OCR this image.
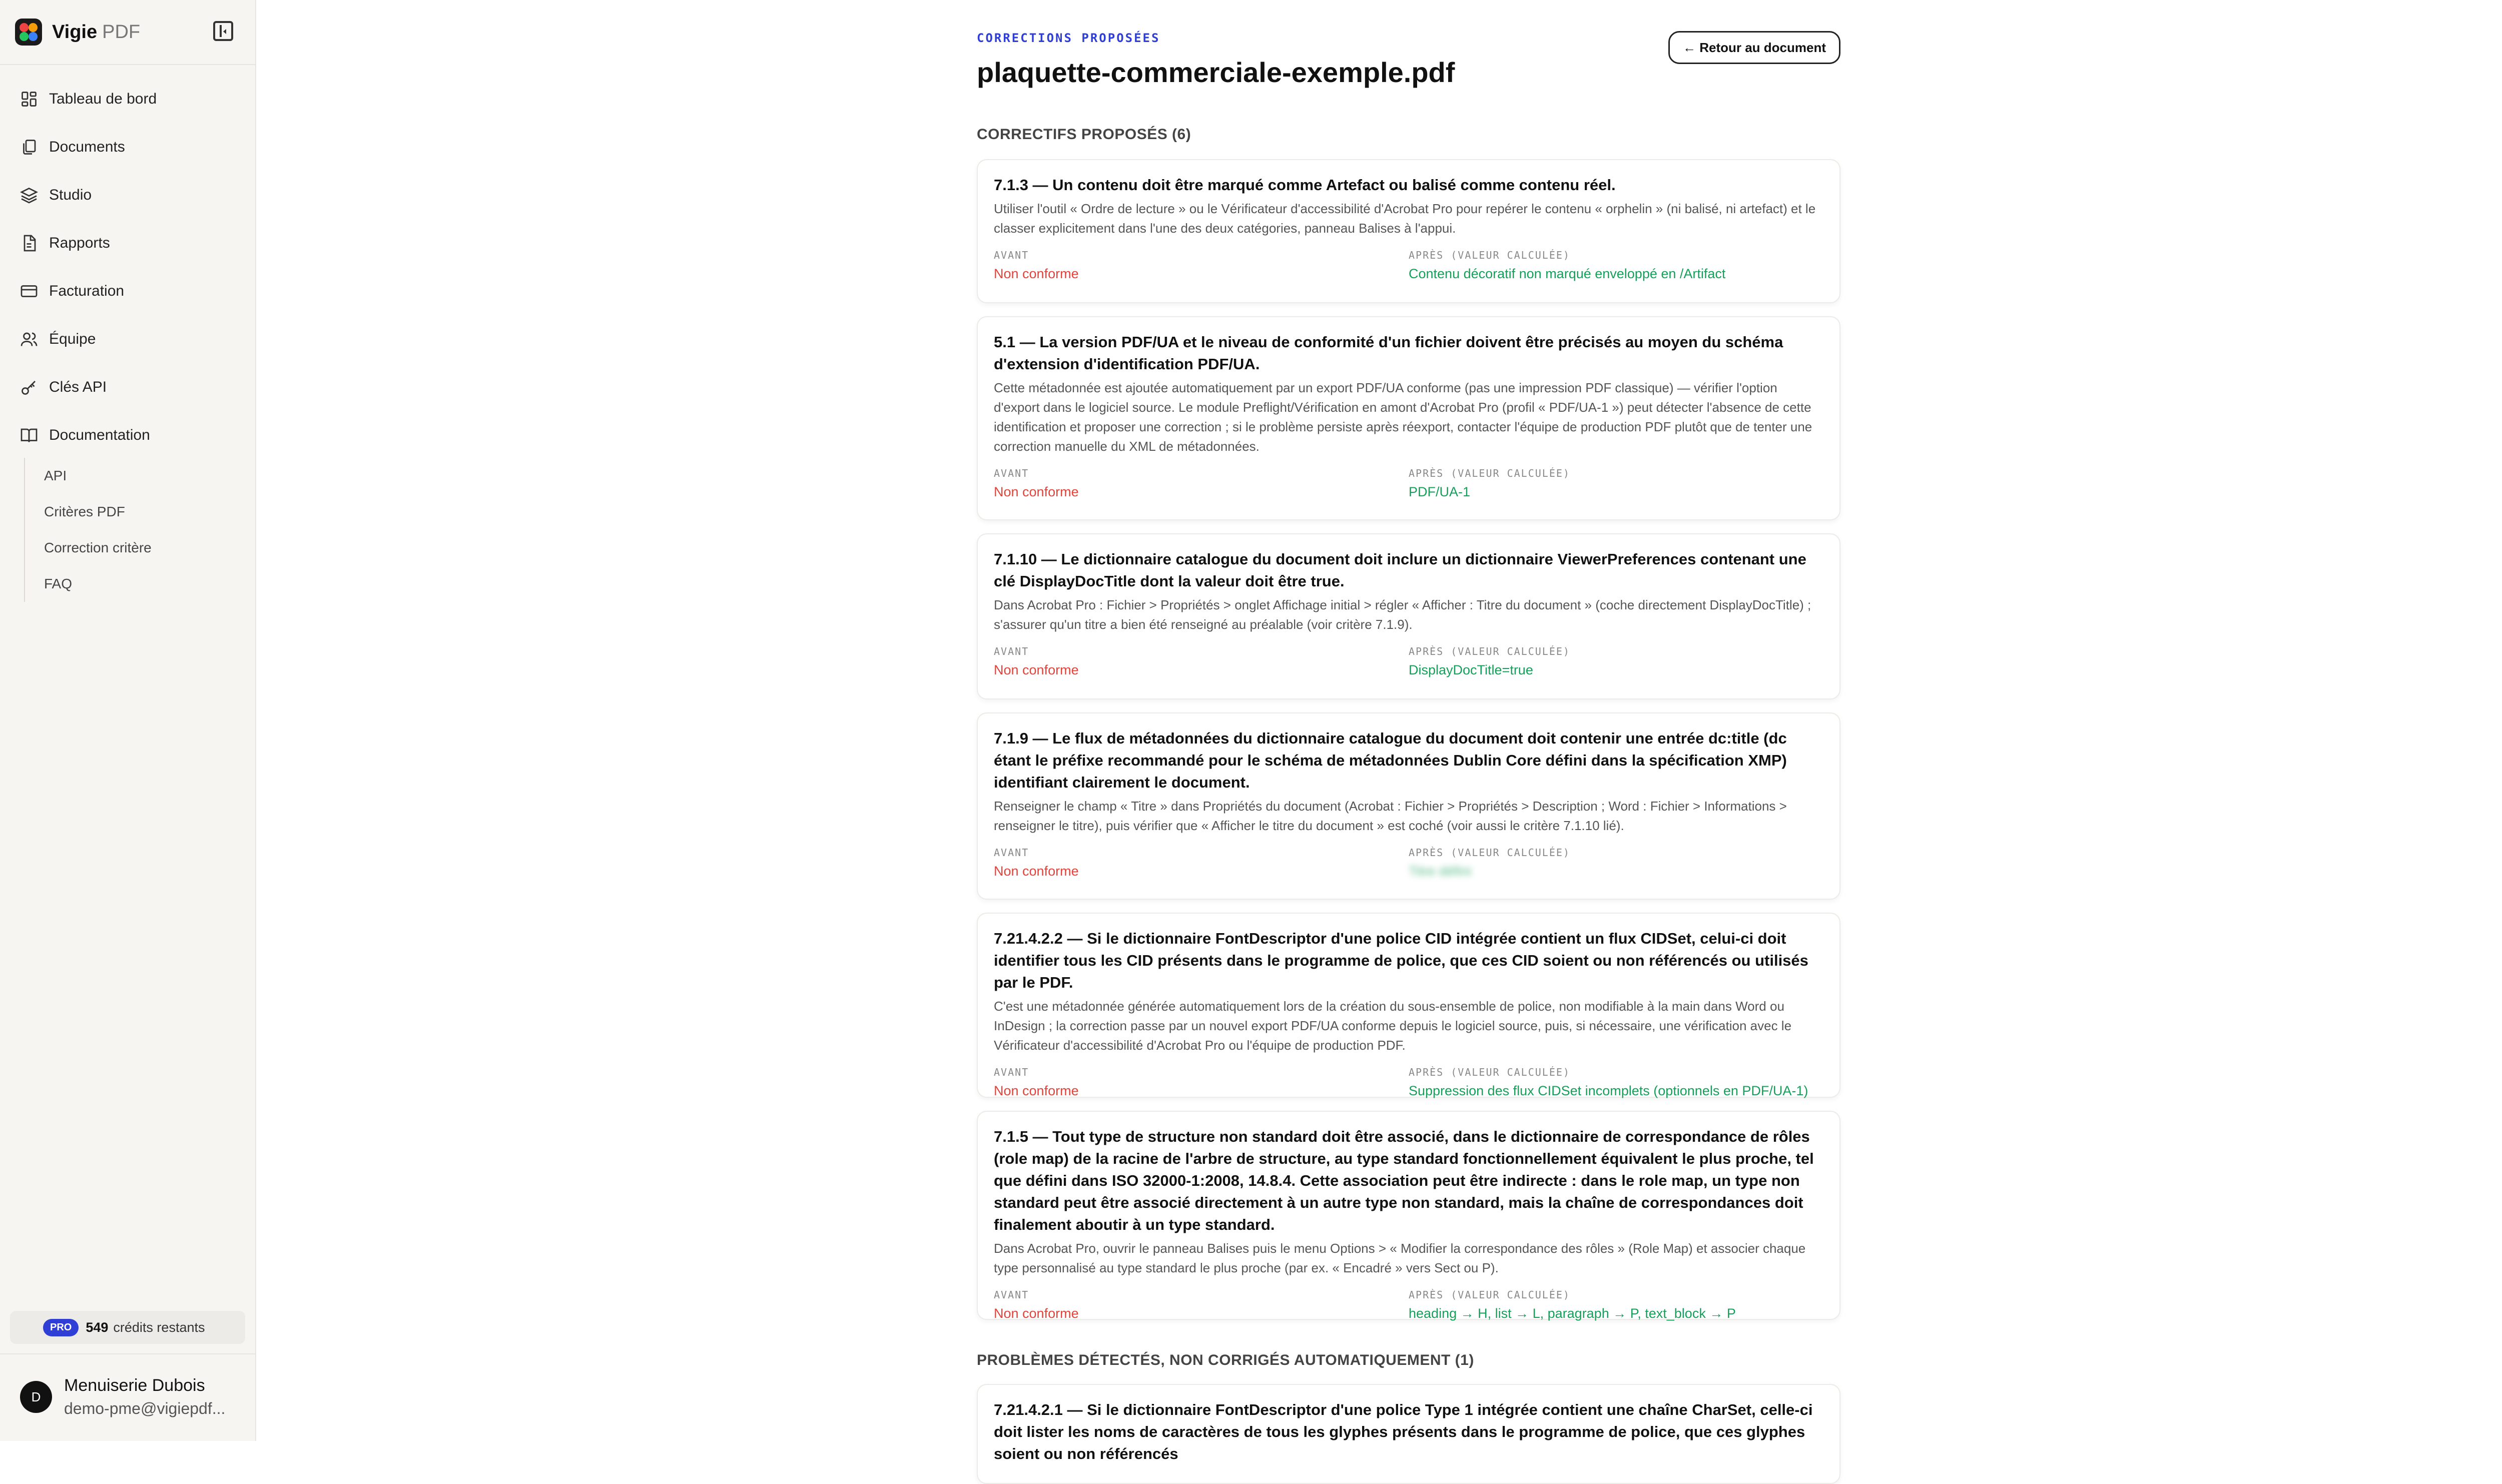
Vigie PDF
Tableau de bord
Documents
Studio
Rapports
Facturation
Équipe
Clés API
Documentation
API
Critères PDF
Correction critère
FAQ
PRO	549 crédits restants
D
Menuiserie Dubois
demo-pme@vigiepdf...
CORRECTIONS PROPOSÉES
plaquette-commerciale-exemple.pdf
← Retour au document
CORRECTIFS PROPOSÉS (6)
7.1.3 — Un contenu doit être marqué comme Artefact ou balisé comme contenu réel.
Utiliser l'outil « Ordre de lecture » ou le Vérificateur d'accessibilité d'Acrobat Pro pour repérer le contenu « orphelin » (ni balisé, ni artefact) et le classer explicitement dans l'une des deux catégories, panneau Balises à l'appui.
AVANT
Non conforme
APRÈS (VALEUR CALCULÉE)
Contenu décoratif non marqué enveloppé en /Artifact
5.1 — La version PDF/UA et le niveau de conformité d'un fichier doivent être précisés au moyen du schéma d'extension d'identification PDF/UA.
Cette métadonnée est ajoutée automatiquement par un export PDF/UA conforme (pas une impression PDF classique) — vérifier l'option d'export dans le logiciel source. Le module Preflight/Vérification en amont d'Acrobat Pro (profil « PDF/UA-1 ») peut détecter l'absence de cette identification et proposer une correction ; si le problème persiste après réexport, contacter l'équipe de production PDF plutôt que de tenter une correction manuelle du XML de métadonnées.
AVANT
Non conforme
APRÈS (VALEUR CALCULÉE)
PDF/UA-1
7.1.10 — Le dictionnaire catalogue du document doit inclure un dictionnaire ViewerPreferences contenant une clé DisplayDocTitle dont la valeur doit être true.
Dans Acrobat Pro : Fichier > Propriétés > onglet Affichage initial > régler « Afficher : Titre du document » (coche directement DisplayDocTitle) ; s'assurer qu'un titre a bien été renseigné au préalable (voir critère 7.1.9).
AVANT
Non conforme
APRÈS (VALEUR CALCULÉE)
DisplayDocTitle=true
7.1.9 — Le flux de métadonnées du dictionnaire catalogue du document doit contenir une entrée dc:title (dc étant le préfixe recommandé pour le schéma de métadonnées Dublin Core défini dans la spécification XMP) identifiant clairement le document.
Renseigner le champ « Titre » dans Propriétés du document (Acrobat : Fichier > Propriétés > Description ; Word : Fichier > Informations > renseigner le titre), puis vérifier que « Afficher le titre du document » est coché (voir aussi le critère 7.1.10 lié).
AVANT
Non conforme
APRÈS (VALEUR CALCULÉE)
Titre défini
7.21.4.2.2 — Si le dictionnaire FontDescriptor d'une police CID intégrée contient un flux CIDSet, celui-ci doit identifier tous les CID présents dans le programme de police, que ces CID soient ou non référencés ou utilisés par le PDF.
C'est une métadonnée générée automatiquement lors de la création du sous-ensemble de police, non modifiable à la main dans Word ou InDesign ; la correction passe par un nouvel export PDF/UA conforme depuis le logiciel source, puis, si nécessaire, une vérification avec le Vérificateur d'accessibilité d'Acrobat Pro ou l'équipe de production PDF.
AVANT
Non conforme
APRÈS (VALEUR CALCULÉE)
Suppression des flux CIDSet incomplets (optionnels en PDF/UA-1)
7.1.5 — Tout type de structure non standard doit être associé, dans le dictionnaire de correspondance de rôles (role map) de la racine de l'arbre de structure, au type standard fonctionnellement équivalent le plus proche, tel que défini dans ISO 32000-1:2008, 14.8.4. Cette association peut être indirecte : dans le role map, un type non standard peut être associé directement à un autre type non standard, mais la chaîne de correspondances doit finalement aboutir à un type standard.
Dans Acrobat Pro, ouvrir le panneau Balises puis le menu Options > « Modifier la correspondance des rôles » (Role Map) et associer chaque type personnalisé au type standard le plus proche (par ex. « Encadré » vers Sect ou P).
AVANT
Non conforme
APRÈS (VALEUR CALCULÉE)
heading → H, list → L, paragraph → P, text_block → P
PROBLÈMES DÉTECTÉS, NON CORRIGÉS AUTOMATIQUEMENT (1)
7.21.4.2.1 — Si le dictionnaire FontDescriptor d'une police Type 1 intégrée contient une chaîne CharSet, celle-ci doit lister les noms de caractères de tous les glyphes présents dans le programme de police, que ces glyphes soient ou non référencés
